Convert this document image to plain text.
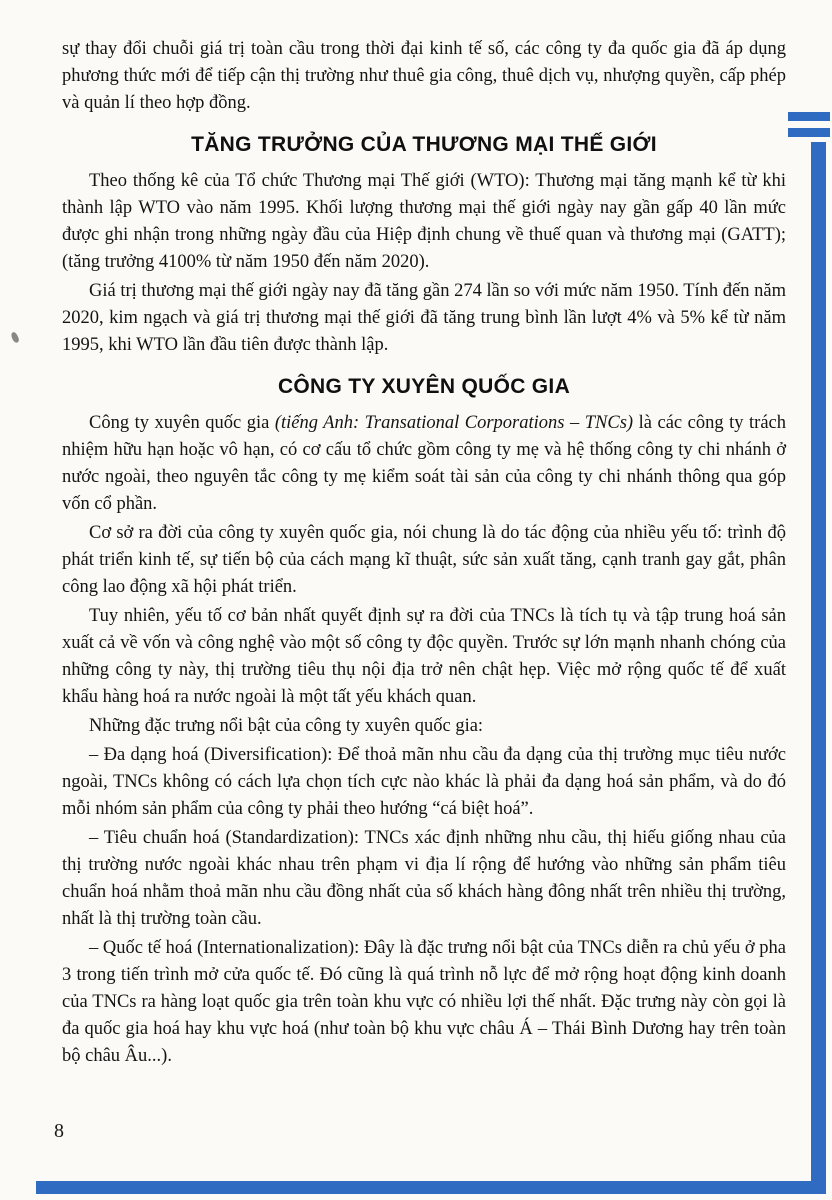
sự thay đổi chuỗi giá trị toàn cầu trong thời đại kinh tế số, các công ty đa quốc gia đã áp dụng phương thức mới để tiếp cận thị trường như thuê gia công, thuê dịch vụ, nhượng quyền, cấp phép và quản lí theo hợp đồng.

TĂNG TRƯỞNG CỦA THƯƠNG MẠI THẾ GIỚI

Theo thống kê của Tổ chức Thương mại Thế giới (WTO): Thương mại tăng mạnh kể từ khi thành lập WTO vào năm 1995. Khối lượng thương mại thế giới ngày nay gần gấp 40 lần mức được ghi nhận trong những ngày đầu của Hiệp định chung về thuế quan và thương mại (GATT); (tăng trưởng 4100% từ năm 1950 đến năm 2020).

Giá trị thương mại thế giới ngày nay đã tăng gần 274 lần so với mức năm 1950. Tính đến năm 2020, kim ngạch và giá trị thương mại thế giới đã tăng trung bình lần lượt 4% và 5% kể từ năm 1995, khi WTO lần đầu tiên được thành lập.

CÔNG TY XUYÊN QUỐC GIA

Công ty xuyên quốc gia (tiếng Anh: Transational Corporations – TNCs) là các công ty trách nhiệm hữu hạn hoặc vô hạn, có cơ cấu tổ chức gồm công ty mẹ và hệ thống công ty chi nhánh ở nước ngoài, theo nguyên tắc công ty mẹ kiểm soát tài sản của công ty chi nhánh thông qua góp vốn cổ phần.

Cơ sở ra đời của công ty xuyên quốc gia, nói chung là do tác động của nhiều yếu tố: trình độ phát triển kinh tế, sự tiến bộ của cách mạng kĩ thuật, sức sản xuất tăng, cạnh tranh gay gắt, phân công lao động xã hội phát triển.

Tuy nhiên, yếu tố cơ bản nhất quyết định sự ra đời của TNCs là tích tụ và tập trung hoá sản xuất cả về vốn và công nghệ vào một số công ty độc quyền. Trước sự lớn mạnh nhanh chóng của những công ty này, thị trường tiêu thụ nội địa trở nên chật hẹp. Việc mở rộng quốc tế để xuất khẩu hàng hoá ra nước ngoài là một tất yếu khách quan.

Những đặc trưng nổi bật của công ty xuyên quốc gia:

– Đa dạng hoá (Diversification): Để thoả mãn nhu cầu đa dạng của thị trường mục tiêu nước ngoài, TNCs không có cách lựa chọn tích cực nào khác là phải đa dạng hoá sản phẩm, và do đó mỗi nhóm sản phẩm của công ty phải theo hướng “cá biệt hoá”.

– Tiêu chuẩn hoá (Standardization): TNCs xác định những nhu cầu, thị hiếu giống nhau của thị trường nước ngoài khác nhau trên phạm vi địa lí rộng để hướng vào những sản phẩm tiêu chuẩn hoá nhằm thoả mãn nhu cầu đồng nhất của số khách hàng đông nhất trên nhiều thị trường, nhất là thị trường toàn cầu.

– Quốc tế hoá (Internationalization): Đây là đặc trưng nổi bật của TNCs diễn ra chủ yếu ở pha 3 trong tiến trình mở cửa quốc tế. Đó cũng là quá trình nỗ lực để mở rộng hoạt động kinh doanh của TNCs ra hàng loạt quốc gia trên toàn khu vực có nhiều lợi thế nhất. Đặc trưng này còn gọi là đa quốc gia hoá hay khu vực hoá (như toàn bộ khu vực châu Á – Thái Bình Dương hay trên toàn bộ châu Âu...).

8
